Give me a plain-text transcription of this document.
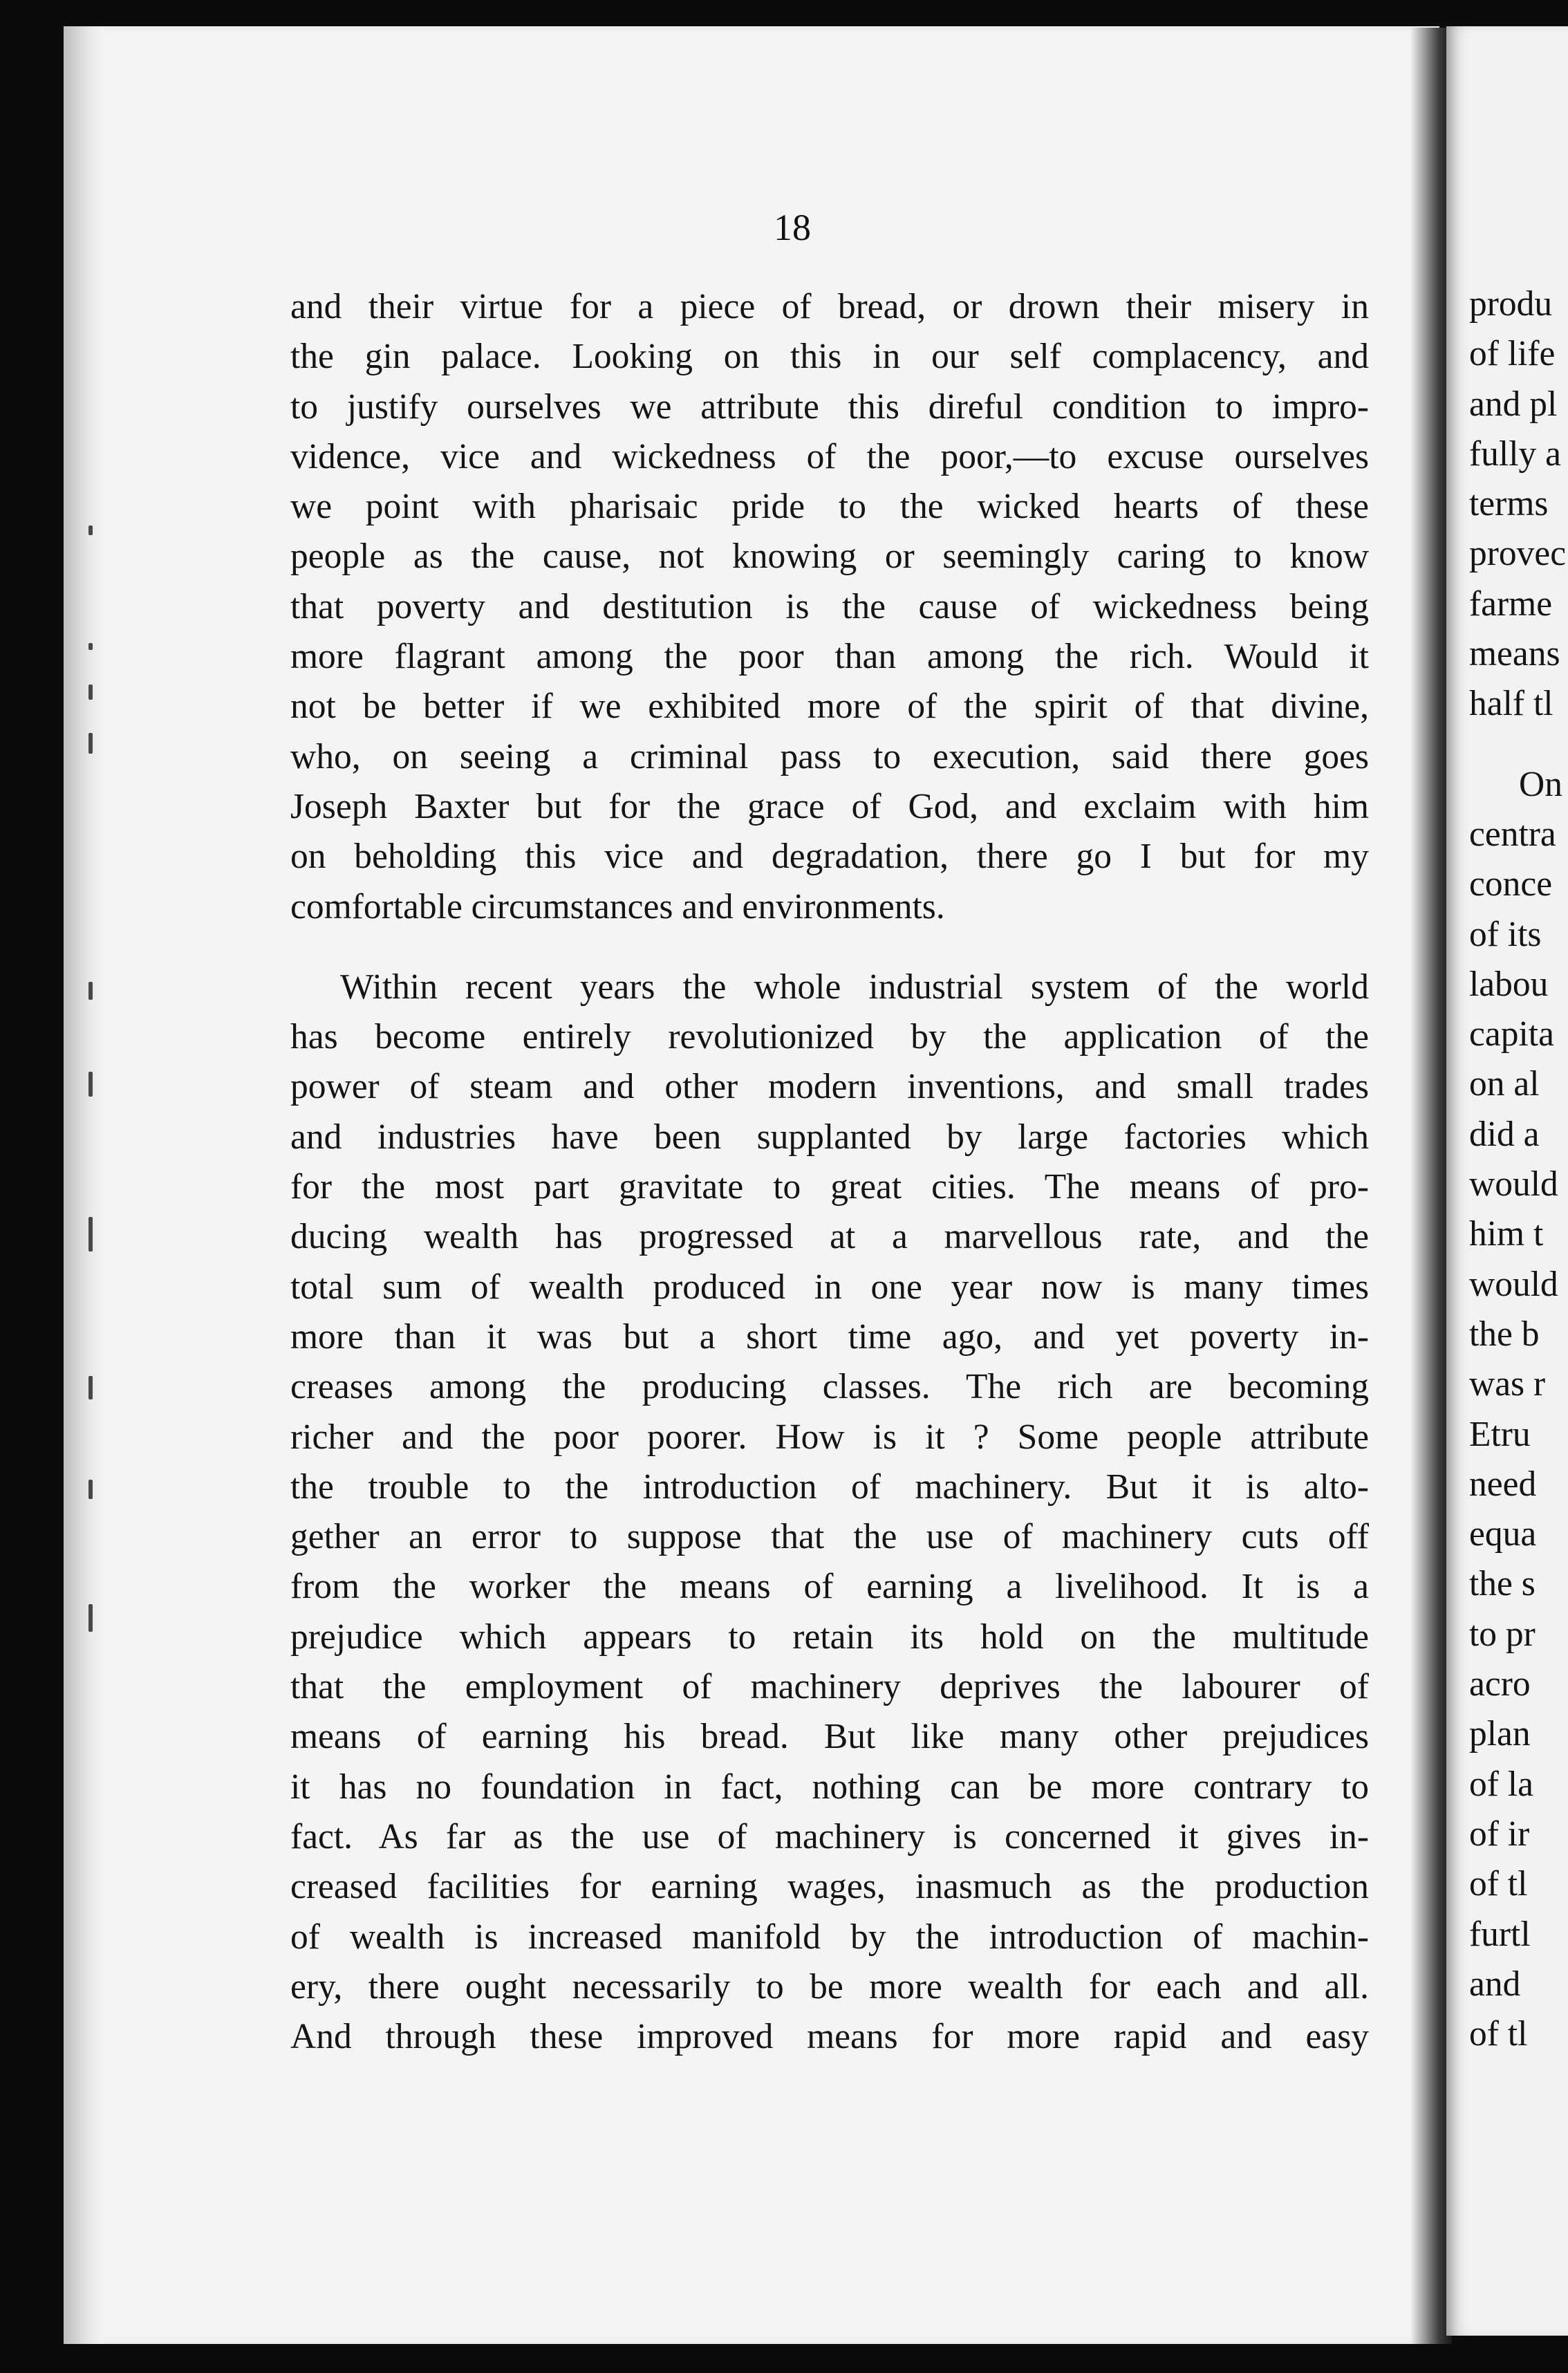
18
and their virtue for a piece of bread, or drown their misery in
the gin palace. Looking on this in our self complacency, and
to justify ourselves we attribute this direful condition to impro-
vidence, vice and wickedness of the poor,—to excuse ourselves
we point with pharisaic pride to the wicked hearts of these
people as the cause, not knowing or seemingly caring to know
that poverty and destitution is the cause of wickedness being
more flagrant among the poor than among the rich. Would it
not be better if we exhibited more of the spirit of that divine,
who, on seeing a criminal pass to execution, said there goes
Joseph Baxter but for the grace of God, and exclaim with him
on beholding this vice and degradation, there go I but for my
comfortable circumstances and environments.
Within recent years the whole industrial system of the world
has become entirely revolutionized by the application of the
power of steam and other modern inventions, and small trades
and industries have been supplanted by large factories which
for the most part gravitate to great cities. The means of pro-
ducing wealth has progressed at a marvellous rate, and the
total sum of wealth produced in one year now is many times
more than it was but a short time ago, and yet poverty in-
creases among the producing classes. The rich are becoming
richer and the poor poorer. How is it ? Some people attribute
the trouble to the introduction of machinery. But it is alto-
gether an error to suppose that the use of machinery cuts off
from the worker the means of earning a livelihood. It is a
prejudice which appears to retain its hold on the multitude
that the employment of machinery deprives the labourer of
means of earning his bread. But like many other prejudices
it has no foundation in fact, nothing can be more contrary to
fact. As far as the use of machinery is concerned it gives in-
creased facilities for earning wages, inasmuch as the production
of wealth is increased manifold by the introduction of machin-
ery, there ought necessarily to be more wealth for each and all.
And through these improved means for more rapid and easy
produ
of life
and pl
fully a
terms
provec
farme
means
half tl
On
centra
conce
of its
labou
capita
on al
did a
would
him t
would
the b
was r
Etru
need
equa
the s
to pr
acro
plan
of la
of ir
of tl
furtl
and
of tl
